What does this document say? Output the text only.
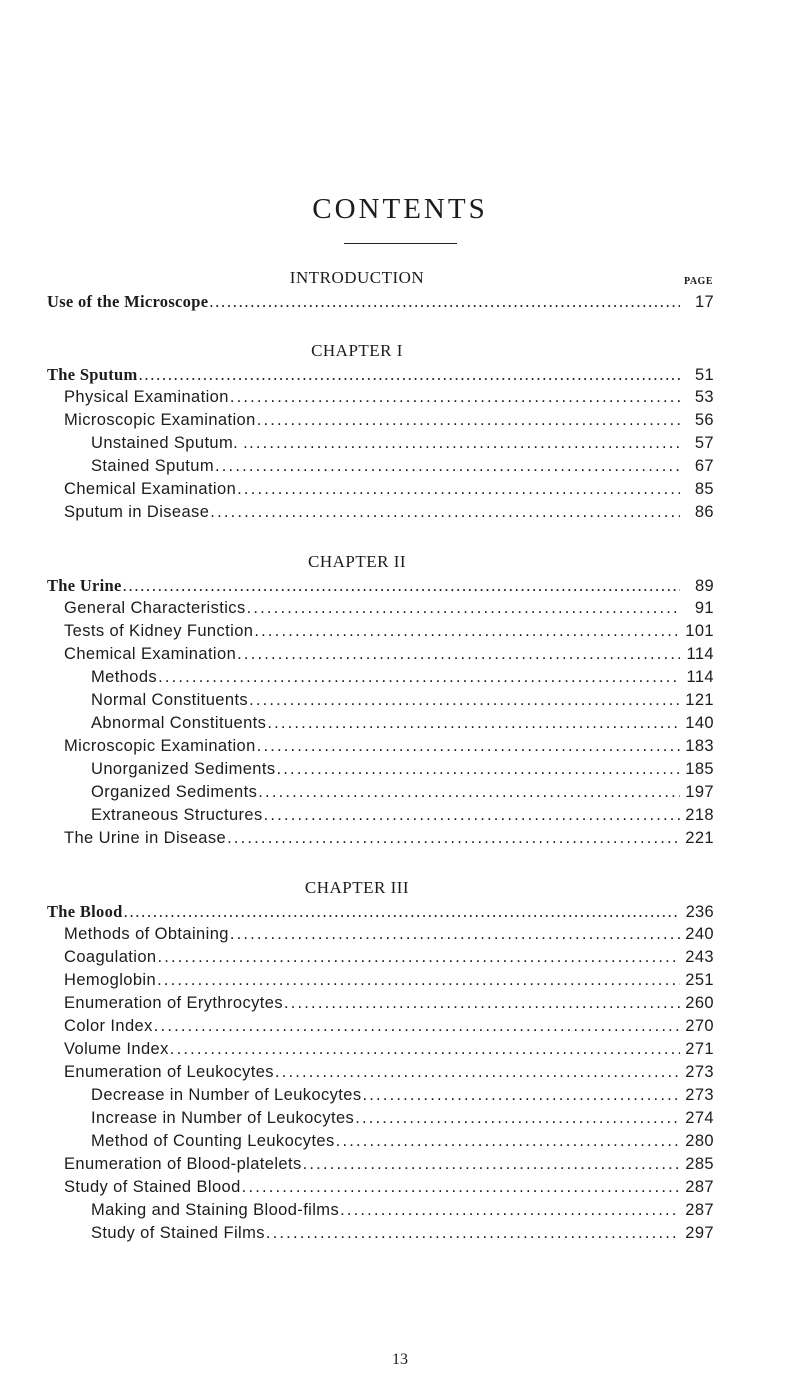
CONTENTS
INTRODUCTION	PAGE
Use of the Microscope . . .	17
CHAPTER I
The Sputum . . .	51
Physical Examination . . .	53
Microscopic Examination . . .	56
Unstained Sputum. . . . .	57
Stained Sputum . . .	67
Chemical Examination . . .	85
Sputum in Disease . . .	86
CHAPTER II
The Urine . . .	89
General Characteristics . . .	91
Tests of Kidney Function . . .	101
Chemical Examination . . .	114
Methods . . .	114
Normal Constituents . . .	121
Abnormal Constituents . . .	140
Microscopic Examination . . .	183
Unorganized Sediments . . .	185
Organized Sediments . . .	197
Extraneous Structures . . .	218
The Urine in Disease . . .	221
CHAPTER III
The Blood . . .	236
Methods of Obtaining . . .	240
Coagulation . . .	243
Hemoglobin . . .	251
Enumeration of Erythrocytes . . .	260
Color Index . . .	270
Volume Index . . .	271
Enumeration of Leukocytes . . .	273
Decrease in Number of Leukocytes . . .	273
Increase in Number of Leukocytes . . .	274
Method of Counting Leukocytes . . .	280
Enumeration of Blood-platelets . . .	285
Study of Stained Blood . . .	287
Making and Staining Blood-films . . .	287
Study of Stained Films . . .	297
13
